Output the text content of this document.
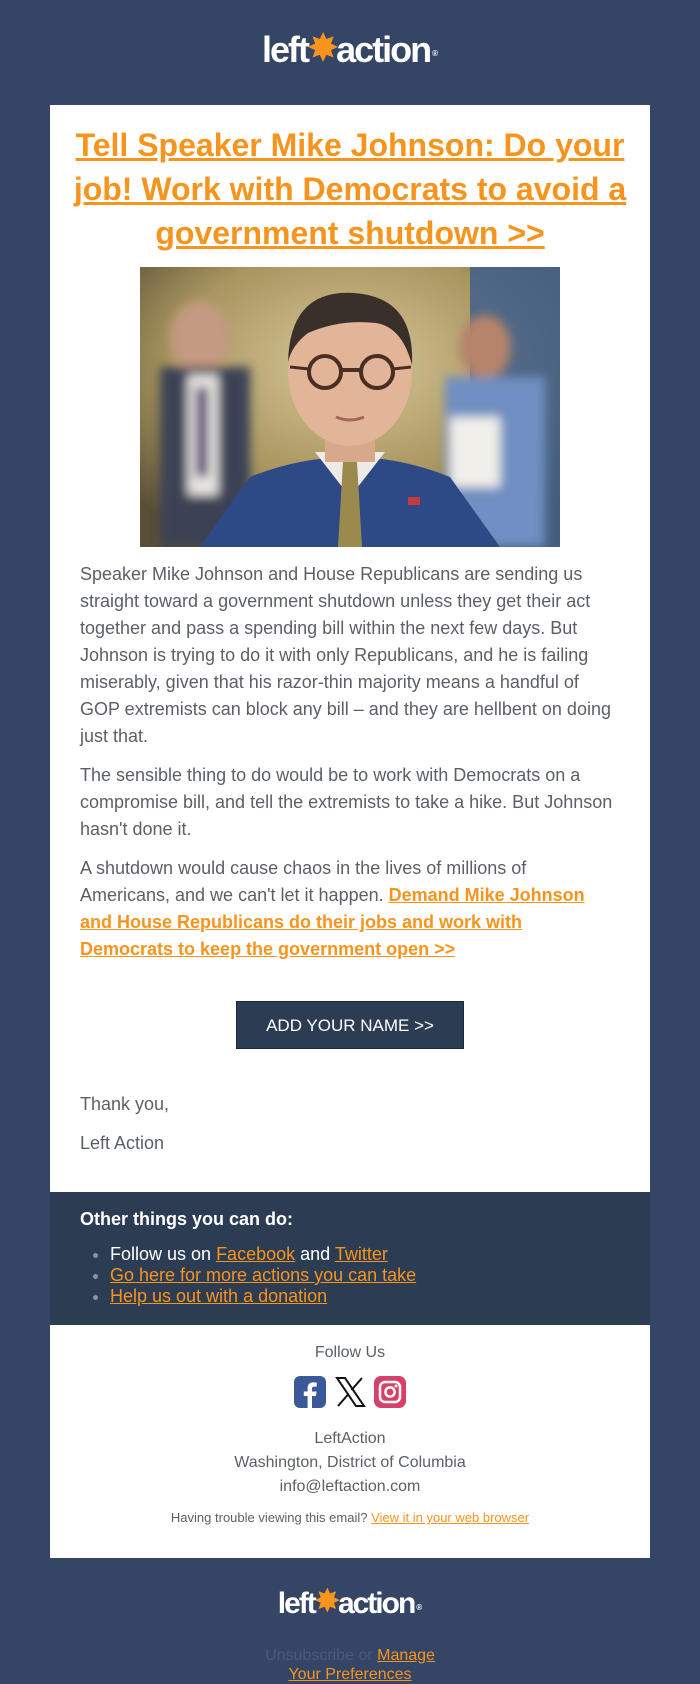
left✸action ®
Tell Speaker Mike Johnson: Do your job! Work with Democrats to avoid a government shutdown >>

Speaker Mike Johnson and House Republicans are sending us straight toward a government shutdown unless they get their act together and pass a spending bill within the next few days. But Johnson is trying to do it with only Republicans, and he is failing miserably, given that his razor-thin majority means a handful of GOP extremists can block any bill – and they are hellbent on doing just that.

The sensible thing to do would be to work with Democrats on a compromise bill, and tell the extremists to take a hike. But Johnson hasn't done it.

A shutdown would cause chaos in the lives of millions of Americans, and we can't let it happen. Demand Mike Johnson and House Republicans do their jobs and work with Democrats to keep the government open >>

ADD YOUR NAME >>

Thank you,

Left Action

Other things you can do:
• Follow us on Facebook and Twitter
• Go here for more actions you can take
• Help us out with a donation
Follow Us
LeftAction
Washington, District of Columbia
info@leftaction.com
Having trouble viewing this email? View it in your web browser
left✸action ®
Unsubscribe or Manage
Your Preferences
